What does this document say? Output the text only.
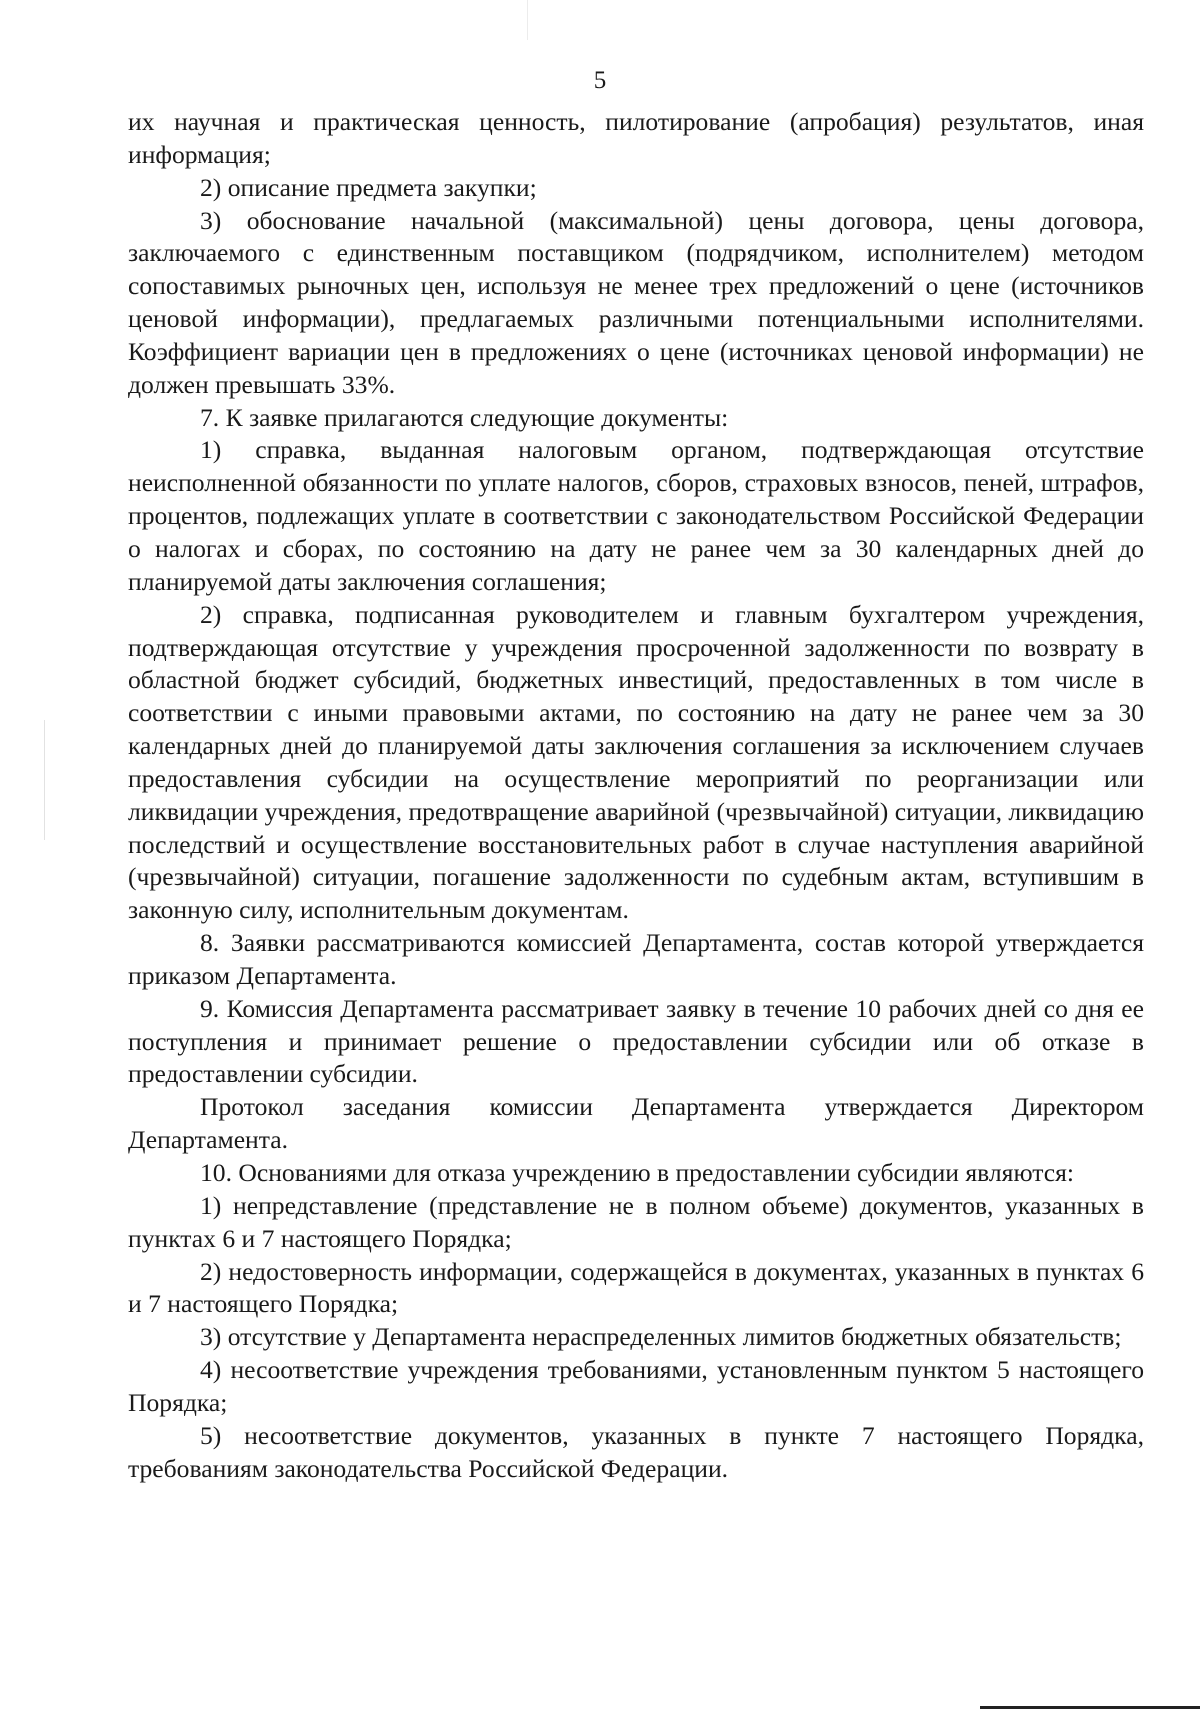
5

их научная и практическая ценность, пилотирование (апробация) результатов, иная информация;

2) описание предмета закупки;

3) обоснование начальной (максимальной) цены договора, цены договора, заключаемого с единственным поставщиком (подрядчиком, исполнителем) методом сопоставимых рыночных цен, используя не менее трех предложений о цене (источников ценовой информации), предлагаемых различными потенциальными исполнителями. Коэффициент вариации цен в предложениях о цене (источниках ценовой информации) не должен превышать 33%.

7. К заявке прилагаются следующие документы:

1) справка, выданная налоговым органом, подтверждающая отсутствие неисполненной обязанности по уплате налогов, сборов, страховых взносов, пеней, штрафов, процентов, подлежащих уплате в соответствии с законодательством Российской Федерации о налогах и сборах, по состоянию на дату не ранее чем за 30 календарных дней до планируемой даты заключения соглашения;

2) справка, подписанная руководителем и главным бухгалтером учреждения, подтверждающая отсутствие у учреждения просроченной задолженности по возврату в областной бюджет субсидий, бюджетных инвестиций, предоставленных в том числе в соответствии с иными правовыми актами, по состоянию на дату не ранее чем за 30 календарных дней до планируемой даты заключения соглашения за исключением случаев предоставления субсидии на осуществление мероприятий по реорганизации или ликвидации учреждения, предотвращение аварийной (чрезвычайной) ситуации, ликвидацию последствий и осуществление восстановительных работ в случае наступления аварийной (чрезвычайной) ситуации, погашение задолженности по судебным актам, вступившим в законную силу, исполнительным документам.

8. Заявки рассматриваются комиссией Департамента, состав которой утверждается приказом Департамента.

9. Комиссия Департамента рассматривает заявку в течение 10 рабочих дней со дня ее поступления и принимает решение о предоставлении субсидии или об отказе в предоставлении субсидии.

Протокол заседания комиссии Департамента утверждается Директором Департамента.

10. Основаниями для отказа учреждению в предоставлении субсидии являются:

1) непредставление (представление не в полном объеме) документов, указанных в пунктах 6 и 7 настоящего Порядка;

2) недостоверность информации, содержащейся в документах, указанных в пунктах 6 и 7 настоящего Порядка;

3) отсутствие у Департамента нераспределенных лимитов бюджетных обязательств;

4) несоответствие учреждения требованиями, установленным пунктом 5 настоящего Порядка;

5) несоответствие документов, указанных в пункте 7 настоящего Порядка, требованиям законодательства Российской Федерации.
